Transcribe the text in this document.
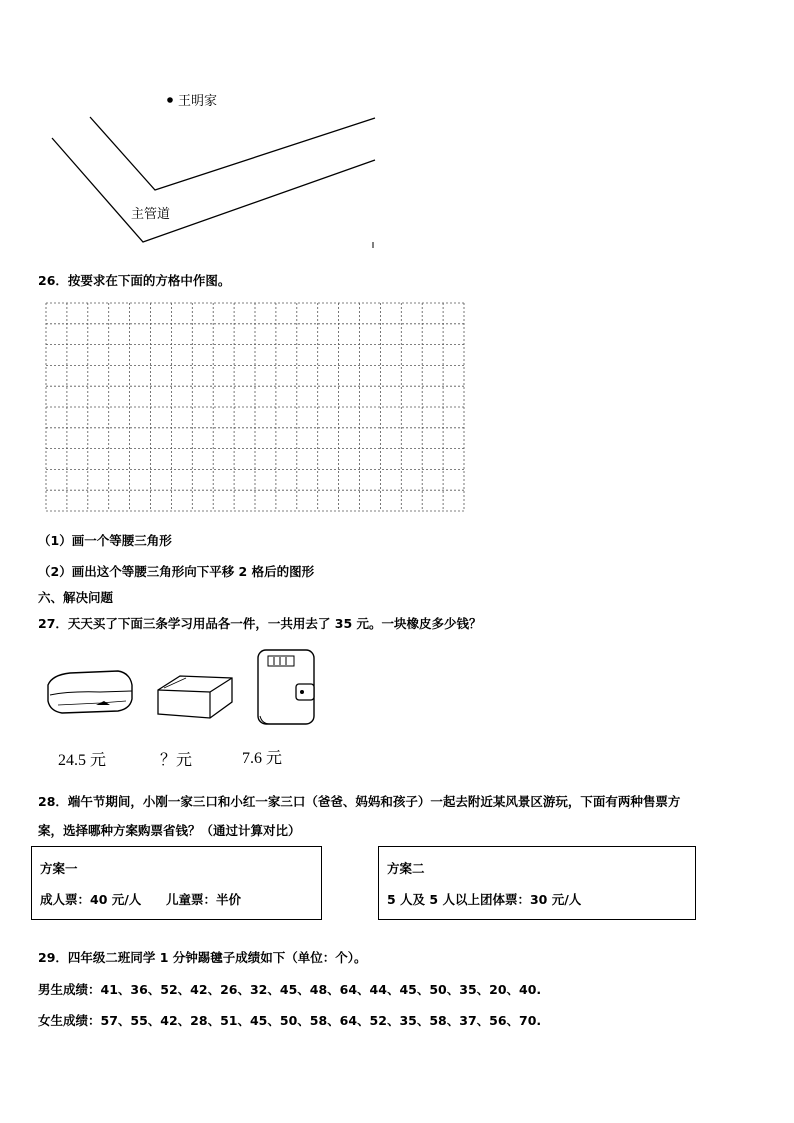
王明家
主管道
26．按要求在下面的方格中作图。
（1）画一个等腰三角形
（2）画出这个等腰三角形向下平移 2 格后的图形
六、解决问题
27．天天买了下面三条学习用品各一件，一共用去了 35 元。一块橡皮多少钱？
24.5 元	？元	7.6 元
28．端午节期间，小刚一家三口和小红一家三口（爸爸、妈妈和孩子）一起去附近某风景区游玩，下面有两种售票方
案，选择哪种方案购票省钱？（通过计算对比）
方案一
成人票：40 元/人 儿童票：半价
方案二
5 人及 5 人以上团体票：30 元/人
29．四年级二班同学 1 分钟踢毽子成绩如下（单位：个）。
男生成绩：41、36、52、42、26、32、45、48、64、44、45、50、35、20、40.
女生成绩：57、55、42、28、51、45、50、58、64、52、35、58、37、56、70.
